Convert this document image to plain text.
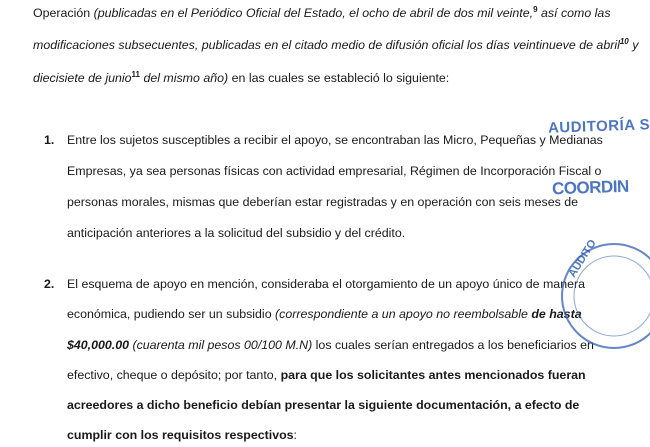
Operación (publicadas en el Periódico Oficial del Estado, el ocho de abril de dos mil veinte,$^9$ así como las
modificaciones subsecuentes, publicadas en el citado medio de difusión oficial los días veintinueve de abril$^{10}$ y
diecisiete de junio$^{11}$ del mismo año) en las cuales se estableció lo siguiente:
1. Entre los sujetos susceptibles a recibir el apoyo, se encontraban las Micro, Pequeñas y Medianas
Empresas, ya sea personas físicas con actividad empresarial, Régimen de Incorporación Fiscal o
personas morales, mismas que deberían estar registradas y en operación con seis meses de
anticipación anteriores a la solicitud del subsidio y del crédito.
2. El esquema de apoyo en mención, consideraba el otorgamiento de un apoyo único de manera
económica, pudiendo ser un subsidio (correspondiente a un apoyo no reembolsable de hasta
$40,000.00 (cuarenta mil pesos 00/100 M.N) los cuales serían entregados a los beneficiarios en
efectivo, cheque o depósito; por tanto, para que los solicitantes antes mencionados fueran
acreedores a dicho beneficio debían presentar la siguiente documentación, a efecto de
cumplir con los requisitos respectivos:
AUDITORÍA S
COORDIN
AUDITO
